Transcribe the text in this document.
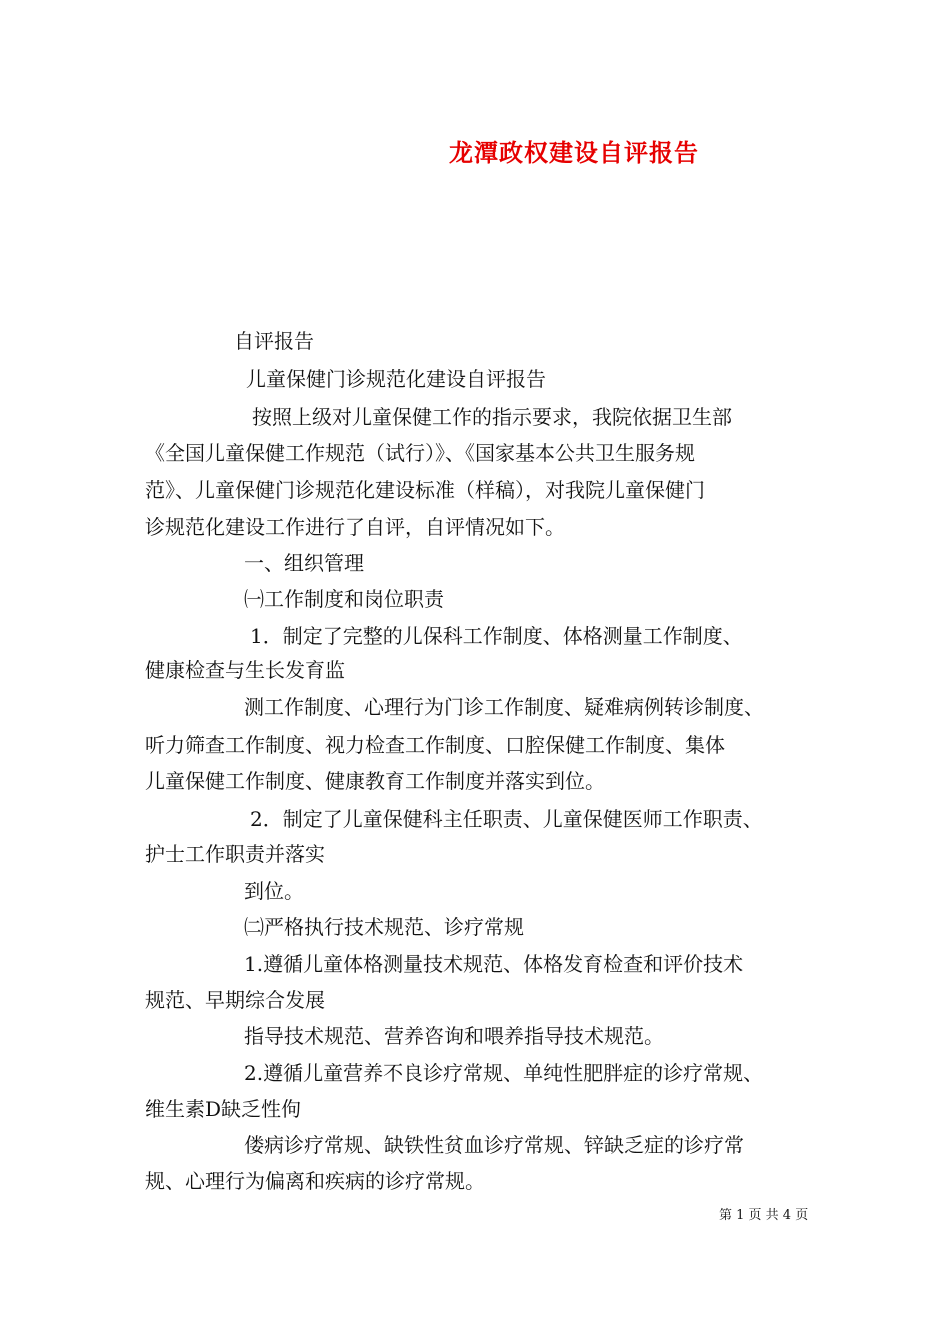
龙潭政权建设自评报告
自评报告
儿童保健门诊规范化建设自评报告
按照上级对儿童保健工作的指示要求，我院依据卫生部
《全国儿童保健工作规范（试行）》、《国家基本公共卫生服务规
范》、儿童保健门诊规范化建设标准（样稿），对我院儿童保健门
诊规范化建设工作进行了自评，自评情况如下。
一、组织管理
㈠工作制度和岗位职责
1．制定了完整的儿保科工作制度、体格测量工作制度、
健康检查与生长发育监
测工作制度、心理行为门诊工作制度、疑难病例转诊制度、
听力筛查工作制度、视力检查工作制度、口腔保健工作制度、集体
儿童保健工作制度、健康教育工作制度并落实到位。
2．制定了儿童保健科主任职责、儿童保健医师工作职责、
护士工作职责并落实
到位。
㈡严格执行技术规范、诊疗常规
1.遵循儿童体格测量技术规范、体格发育检查和评价技术
规范、早期综合发展
指导技术规范、营养咨询和喂养指导技术规范。
2.遵循儿童营养不良诊疗常规、单纯性肥胖症的诊疗常规、
维生素D缺乏性佝
偻病诊疗常规、缺铁性贫血诊疗常规、锌缺乏症的诊疗常
规、心理行为偏离和疾病的诊疗常规。
第 1 页 共 4 页
